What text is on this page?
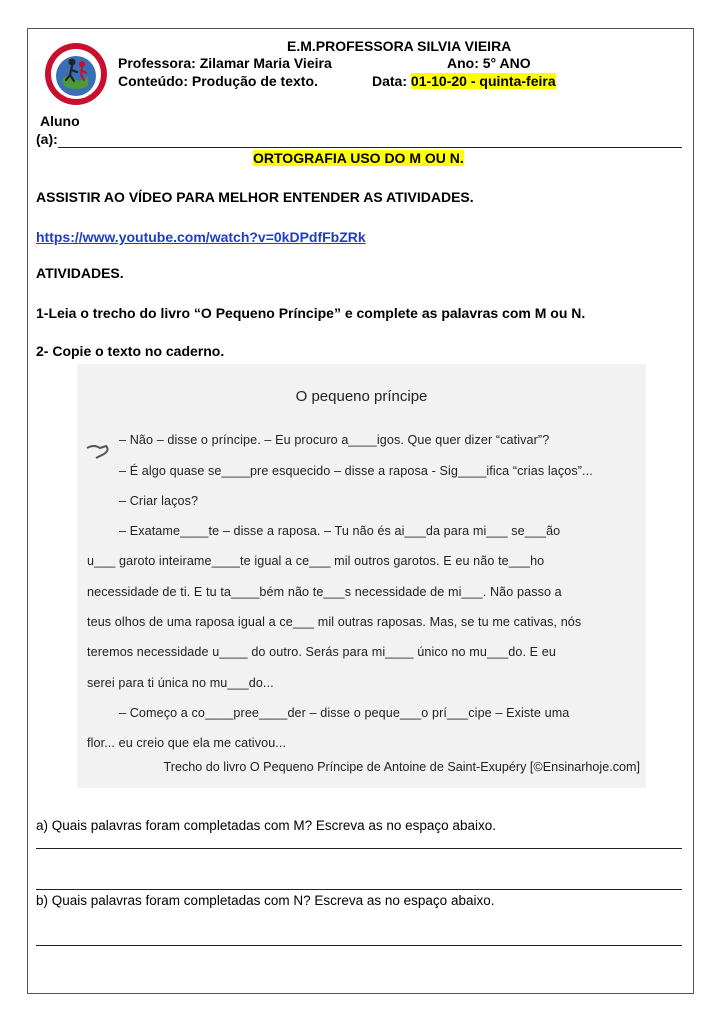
E.M.PROFESSORA SILVIA VIEIRA
Professora: Zilamar Maria Vieira	Ano: 5° ANO
Conteúdo: Produção de texto.	Data: 01-10-20 - quinta-feira
Aluno
(a):
ORTOGRAFIA USO DO M OU N.
ASSISTIR AO VÍDEO PARA MELHOR ENTENDER AS ATIVIDADES.
https://www.youtube.com/watch?v=0kDPdfFbZRk
ATIVIDADES.
1-Leia o trecho do livro “O Pequeno Príncipe” e complete as palavras com M ou N.
2- Copie o texto no caderno.
O pequeno príncipe
– Não – disse o príncipe. – Eu procuro a____igos. Que quer dizer “cativar”?
– É algo quase se____pre esquecido – disse a raposa - Sig____ifica “crias laços”...
– Criar laços?
– Exatame____te – disse a raposa. – Tu não és ai___da para mi___ se___ão
u___ garoto inteirame____te igual a ce___ mil outros garotos. E eu não te___ho
necessidade de ti. E tu ta____bém não te___s necessidade de mi___. Não passo a
teus olhos de uma raposa igual a ce___ mil outras raposas. Mas, se tu me cativas, nós
teremos necessidade u____ do outro. Serás para mi____ único no mu___do. E eu
serei para ti única no mu___do...
– Começo a co____pree____der – disse o peque___o prí___cipe – Existe uma
flor... eu creio que ela me cativou...
Trecho do livro O Pequeno Príncipe de Antoine de Saint-Exupéry [©Ensinarhoje.com]
a) Quais palavras foram completadas com M? Escreva as no espaço abaixo.
b) Quais palavras foram completadas com N? Escreva as no espaço abaixo.
